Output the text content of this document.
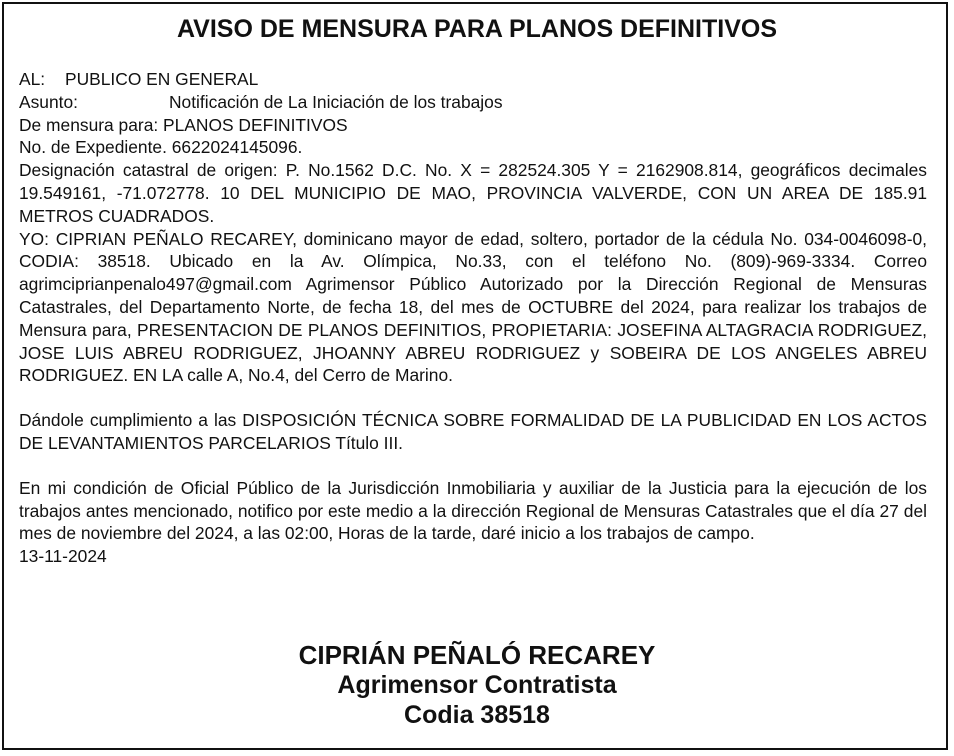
AVISO DE MENSURA PARA PLANOS DEFINITIVOS
AL: PUBLICO EN GENERAL
Asunto:	Notificación de La Iniciación de los trabajos
De mensura para: PLANOS DEFINITIVOS
No. de Expediente. 6622024145096.

Designación catastral de origen: P. No.1562 D.C. No. X = 282524.305 Y = 2162908.814, geográficos decimales 19.549161, -71.072778. 10 DEL MUNICIPIO DE MAO, PROVINCIA VALVERDE, CON UN AREA DE 185.91 METROS CUADRADOS.

YO: CIPRIAN PEÑALO RECAREY, dominicano mayor de edad, soltero, portador de la cédula No. 034-0046098-0, CODIA: 38518. Ubicado en la Av. Olímpica, No.33, con el teléfono No. (809)-969-3334. Correo agrimciprianpenalo497@gmail.com Agrimensor Público Autorizado por la Dirección Regional de Mensuras Catastrales, del Departamento Norte, de fecha 18, del mes de OCTUBRE del 2024, para realizar los trabajos de Mensura para, PRESENTACION DE PLANOS DEFINITIOS, PROPIETARIA: JOSEFINA ALTAGRACIA RODRIGUEZ, JOSE LUIS ABREU RODRIGUEZ, JHOANNY ABREU RODRIGUEZ y SOBEIRA DE LOS ANGELES ABREU RODRIGUEZ. EN LA calle A, No.4, del Cerro de Marino.

Dándole cumplimiento a las DISPOSICIÓN TÉCNICA SOBRE FORMALIDAD DE LA PUBLICIDAD EN LOS ACTOS DE LEVANTAMIENTOS PARCELARIOS Título III.

En mi condición de Oficial Público de la Jurisdicción Inmobiliaria y auxiliar de la Justicia para la ejecución de los trabajos antes mencionado, notifico por este medio a la dirección Regional de Mensuras Catastrales que el día 27 del mes de noviembre del 2024, a las 02:00, Horas de la tarde, daré inicio a los trabajos de campo.

13-11-2024
CIPRIÁN PEÑALÓ RECAREY
Agrimensor Contratista
Codia 38518
